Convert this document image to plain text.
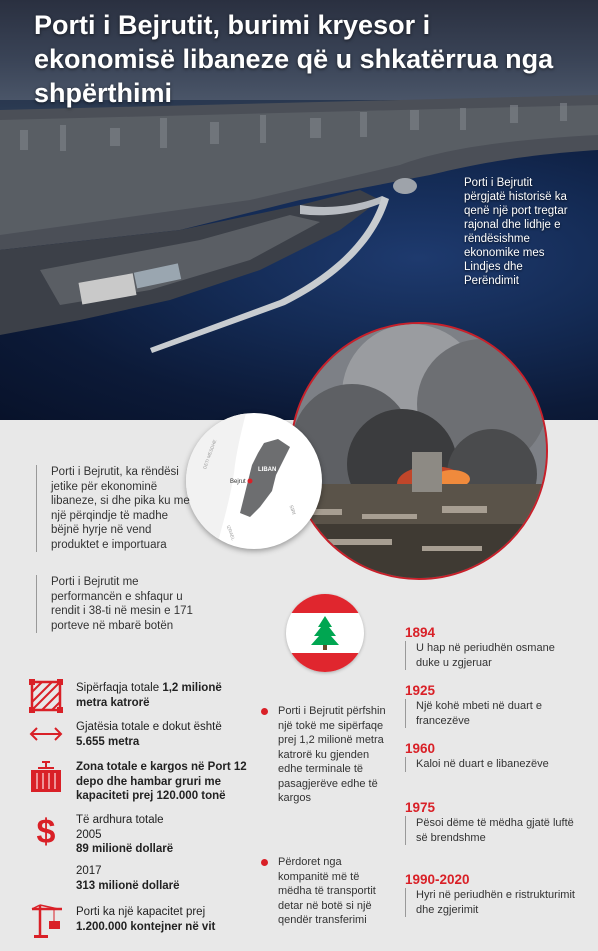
Porti i Bejrutit, burimi kryesor i ekonomisë libaneze që u shkatërrua nga shpërthimi
Porti i Bejrutit përgjatë historisë ka qenë një port tregtar rajonal dhe lidhje e rëndësishme ekonomike mes Lindjes dhe Perëndimit
LIBAN
Bejrut
DETI MESDHE
SIRI
IZRAEL
Porti i Bejrutit, ka rëndësi jetike për ekonominë libaneze, si dhe pika ku me një përqindje të madhe bëjnë hyrje në vend produktet e importuara
Porti i Bejrutit me performancën e shfaqur u rendit i 38-ti në mesin e 171 porteve në mbarë botën
Sipërfaqja totale 1,2 milionë
metra katrorë
Gjatësia totale e dokut është
5.655 metra
Zona totale e kargos në Port 12
depo dhe hambar gruri me
kapaciteti prej 120.000 tonë
$ Të ardhura totale
2005
89 milionë dollarë
2017
313 milionë dollarë
Porti ka një kapacitet prej
1.200.000 kontejner në vit
Porti i Bejrutit përfshin një tokë me sipërfaqe prej 1,2 milionë metra katrorë ku gjenden edhe terminale të pasagjerëve edhe të kargos
Përdoret nga kompanitë më të mëdha të transportit detar në botë si një qendër transferimi
1894
U hap në periudhën osmane duke u zgjeruar
1925
Një kohë mbeti në duart e francezëve
1960
Kaloi në duart e libanezëve
1975
Pësoi dëme të mëdha gjatë luftë së brendshme
1990-2020
Hyri në periudhën e ristrukturimit dhe zgjerimit
